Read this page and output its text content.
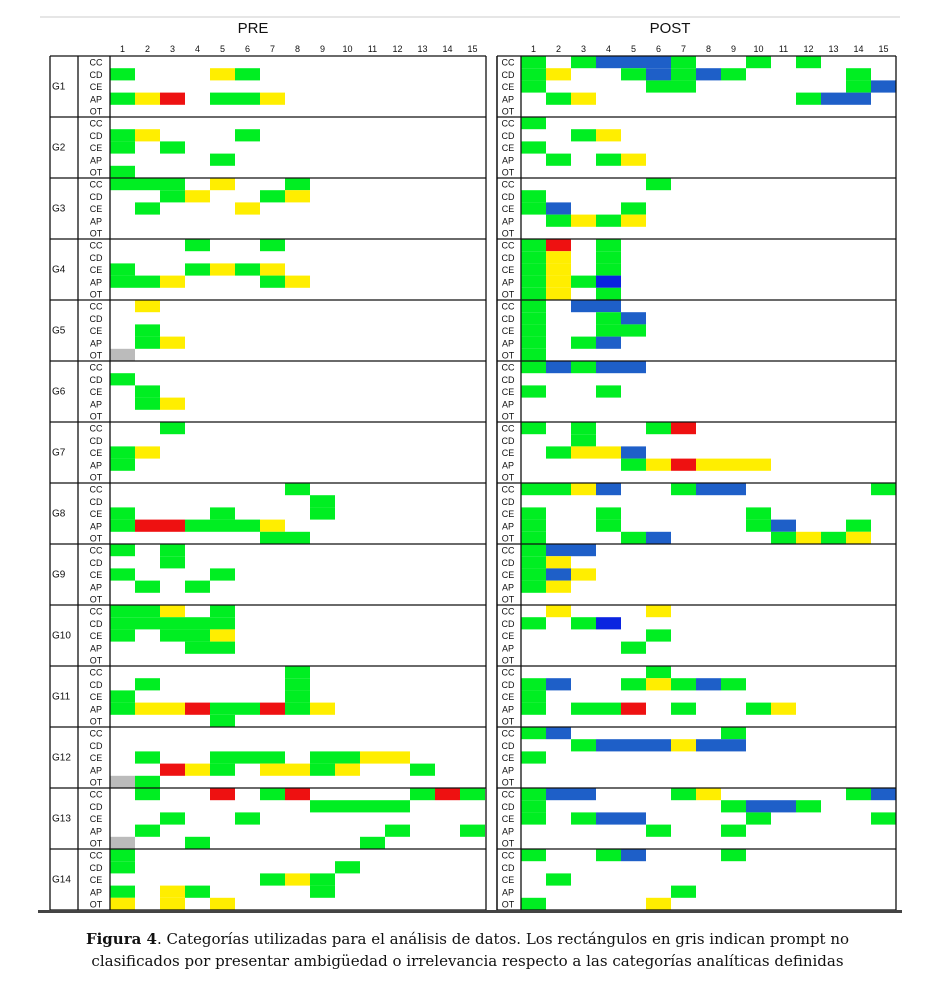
PRE	POST
1 2 3 4 5 6 7 8 9 10 11 12 13 14 15
CC
CD
CE
AP
OT
G1
CC
CD
CE
AP
OT
G2
CC
CD
CE
AP
OT
G3
CC
CD
CE
AP
OT
G4
CC
CD
CE
AP
OT
G5
CC
CD
CE
AP
OT
G6
CC
CD
CE
AP
OT
G7
CC
CD
CE
AP
OT
G8
CC
CD
CE
AP
OT
G9
CC
CD
CE
AP
OT
G10
CC
CD
CE
AP
OT
G11
CC
CD
CE
AP
OT
G12
CC
CD
CE
AP
OT
G13
CC
CD
CE
AP
OT
G14
1 2 3 4 5 6 7 8 9 10 11 12 13 14 15
CC
CD
CE
AP
OT
CC
CD
CE
AP
OT
CC
CD
CE
AP
OT
CC
CD
CE
AP
OT
CC
CD
CE
AP
OT
CC
CD
CE
AP
OT
CC
CD
CE
AP
OT
CC
CD
CE
AP
OT
CC
CD
CE
AP
OT
CC
CD
CE
AP
OT
CC
CD
CE
AP
OT
CC
CD
CE
AP
OT
CC
CD
CE
AP
OT
CC
CD
CE
AP
OT
Figura 4. Categorías utilizadas para el análisis de datos. Los rectángulos en gris indican prompt no clasificados por presentar ambigüedad o irrelevancia respecto a las categorías analíticas definidas
